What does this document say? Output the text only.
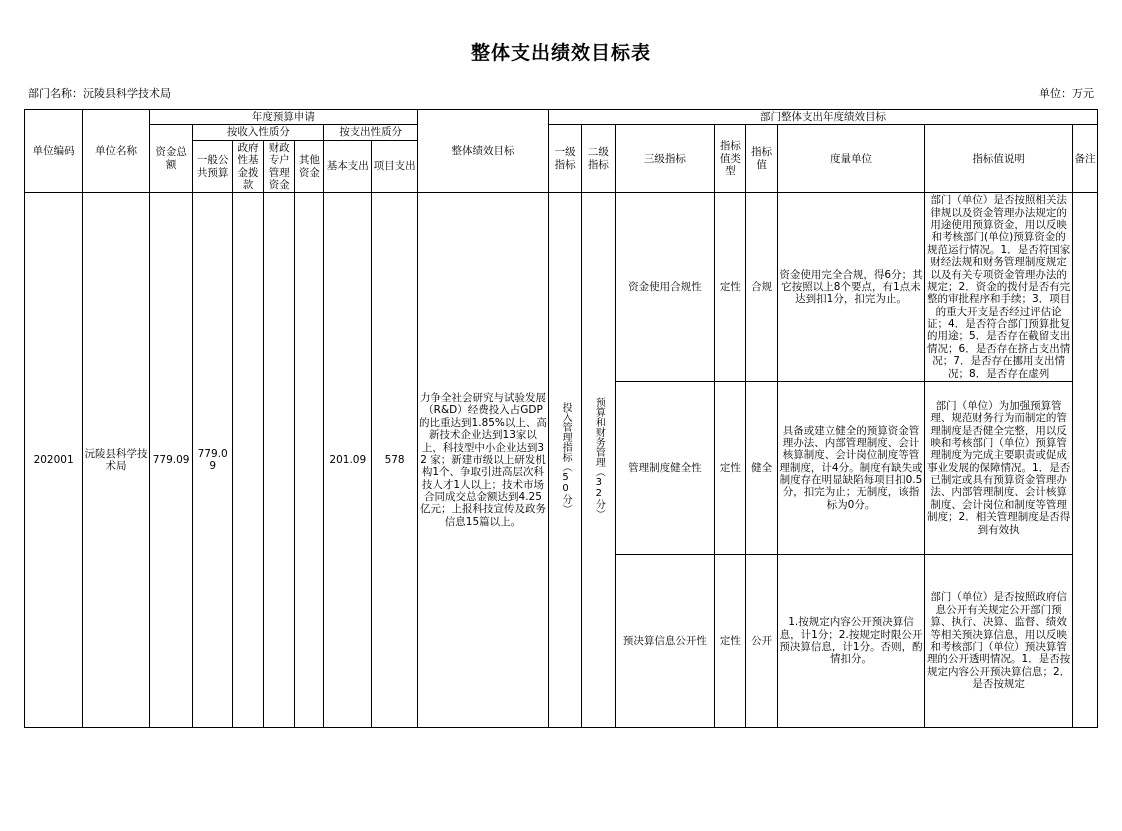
整体支出绩效目标表
部门名称：沅陵县科学技术局	单位：万元
单位编码	单位名称	年度预算申请							整体绩效目标	部门整体支出年度绩效目标							
		资金总额	按收入性质分				按支出性质分			一级指标	二级指标	三级指标	指标值类型	指标值	度量单位	指标值说明	备注
			一般公共预算	政府性基金拨款	财政专户管理资金	其他资金	基本支出	项目支出									

202001	沅陵县科学技术局	779.09	779.09				201.09	578	力争全社会研究与试验发展（R&D）经费投入占GDP的比重达到1.85%以上、高新技术企业达到13家以上，科技型中小企业达到32 家；新建市级以上研发机构1个、争取引进高层次科技人才1人以上；技术市场合同成交总金额达到4.25亿元；上报科技宣传及政务信息15篇以上。	投入管理指标（50分）	预算和财务管理（32分）	资金使用合规性	定性	合规	资金使用完全合规，得6分；其它按照以上8个要点，有1点未达到扣1分，扣完为止。	部门（单位）是否按照相关法律规以及资金管理办法规定的用途使用预算资金，用以反映和考核部门(单位)预算资金的规范运行情况。1．是否符国家财经法规和财务管理制度规定以及有关专项资金管理办法的规定；2．资金的拨付是否有完整的审批程序和手续；3．项目的重大开支是否经过评估论证；4．是否符合部门预算批复的用途；5．是否存在截留支出情况；6．是否存在挤占支出情况；7．是否存在挪用支出情况；8．是否存在虚列	
												管理制度健全性	定性	健全	具备或建立健全的预算资金管理办法、内部管理制度、会计核算制度、会计岗位制度等管理制度，计4分。制度有缺失或制度存在明显缺陷每项目扣0.5分，扣完为止；无制度，该指标为0分。	部门（单位）为加强预算管理、规范财务行为而制定的管理制度是否健全完整，用以反映和考核部门（单位）预算管理制度为完成主要职责或促成事业发展的保障情况。1．是否已制定或具有预算资金管理办法、内部管理制度、会计核算制度、会计岗位和制度等管理制度；2．相关管理制度是否得到有效执	
												预决算信息公开性	定性	公开	1.按规定内容公开预决算信息，计1分；2.按规定时限公开预决算信息，计1分。否则，酌情扣分。	部门（单位）是否按照政府信息公开有关规定公开部门预算、执行、决算、监督、绩效等相关预决算信息，用以反映和考核部门（单位）预决算管理的公开透明情况。1．是否按规定内容公开预决算信息；2．是否按规定	
